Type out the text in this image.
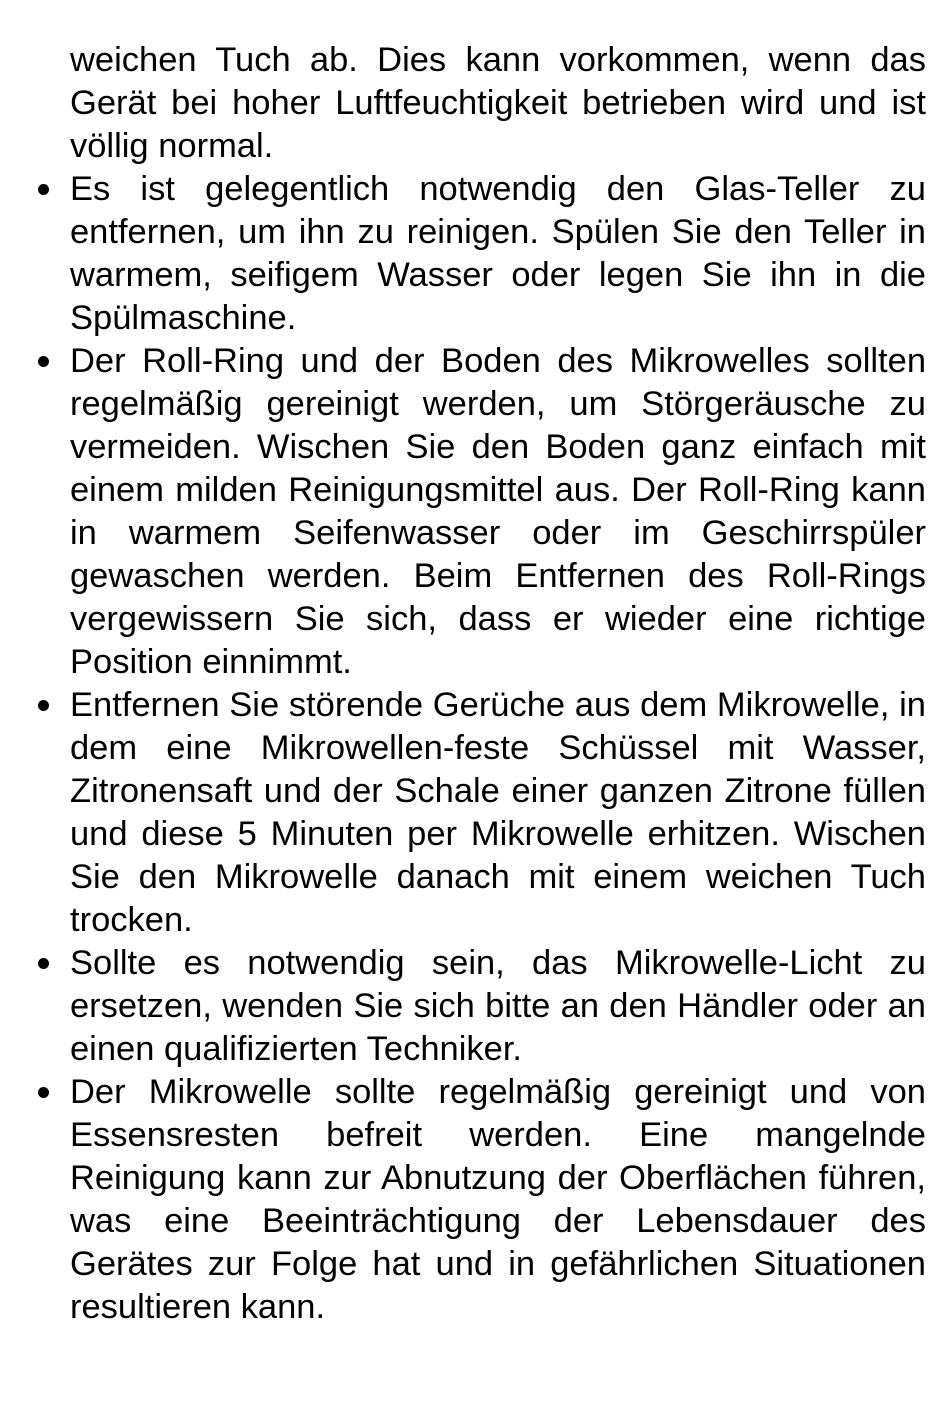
weichen Tuch ab. Dies kann vorkommen, wenn das Gerät bei hoher Luftfeuchtigkeit betrieben wird und ist völlig normal.

Es ist gelegentlich notwendig den Glas-Teller zu entfernen, um ihn zu reinigen. Spülen Sie den Teller in warmem, seifigem Wasser oder legen Sie ihn in die Spülmaschine.
Der Roll-Ring und der Boden des Mikrowelles sollten regelmäßig gereinigt werden, um Störgeräusche zu vermeiden. Wischen Sie den Boden ganz einfach mit einem milden Reinigungsmittel aus. Der Roll-Ring kann in warmem Seifenwasser oder im Geschirrspüler gewaschen werden. Beim Entfernen des Roll-Rings vergewissern Sie sich, dass er wieder eine richtige Position einnimmt.
Entfernen Sie störende Gerüche aus dem Mikrowelle, in dem eine Mikrowellen-feste Schüssel mit Wasser, Zitronensaft und der Schale einer ganzen Zitrone füllen und diese 5 Minuten per Mikrowelle erhitzen. Wischen Sie den Mikrowelle danach mit einem weichen Tuch trocken.
Sollte es notwendig sein, das Mikrowelle-Licht zu ersetzen, wenden Sie sich bitte an den Händler oder an einen qualifizierten Techniker.
Der Mikrowelle sollte regelmäßig gereinigt und von Essensresten befreit werden. Eine mangelnde Reinigung kann zur Abnutzung der Oberflächen führen, was eine Beeinträchtigung der Lebensdauer des Gerätes zur Folge hat und in gefährlichen Situationen resultieren kann.
